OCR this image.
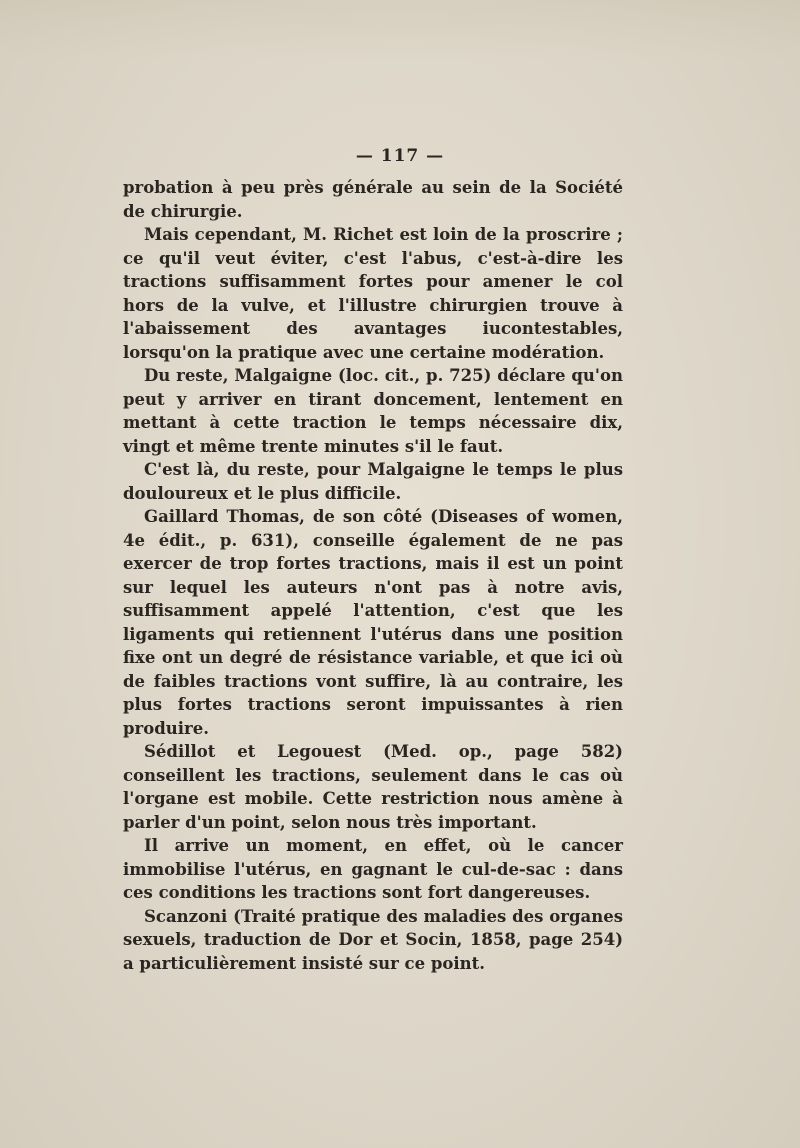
— 117 —

probation à peu près générale au sein de la Société de chirurgie.

Mais cependant, M. Richet est loin de la proscrire ; ce qu'il veut éviter, c'est l'abus, c'est-à-dire les tractions suffisamment fortes pour amener le col hors de la vulve, et l'illustre chirurgien trouve à l'abaissement des avantages iucontestables, lorsqu'on la pratique avec une certaine modération.

Du reste, Malgaigne (loc. cit., p. 725) déclare qu'on peut y arriver en tirant doncement, lentement en mettant à cette traction le temps nécessaire dix, vingt et même trente minutes s'il le faut.

C'est là, du reste, pour Malgaigne le temps le plus douloureux et le plus difficile.

Gaillard Thomas, de son côté (Diseases of women, 4e édit., p. 631), conseille également de ne pas exercer de trop fortes tractions, mais il est un point sur lequel les auteurs n'ont pas à notre avis, suffisamment appelé l'attention, c'est que les ligaments qui retiennent l'utérus dans une position fixe ont un degré de résistance variable, et que ici où de faibles tractions vont suffire, là au contraire, les plus fortes tractions seront impuissantes à rien produire.

Sédillot et Legouest (Med. op., page 582) conseillent les tractions, seulement dans le cas où l'organe est mobile. Cette restriction nous amène à parler d'un point, selon nous très important.

Il arrive un moment, en effet, où le cancer immobilise l'utérus, en gagnant le cul-de-sac : dans ces conditions les tractions sont fort dangereuses.

Scanzoni (Traité pratique des maladies des organes sexuels, traduction de Dor et Socin, 1858, page 254) a particulièrement insisté sur ce point.
